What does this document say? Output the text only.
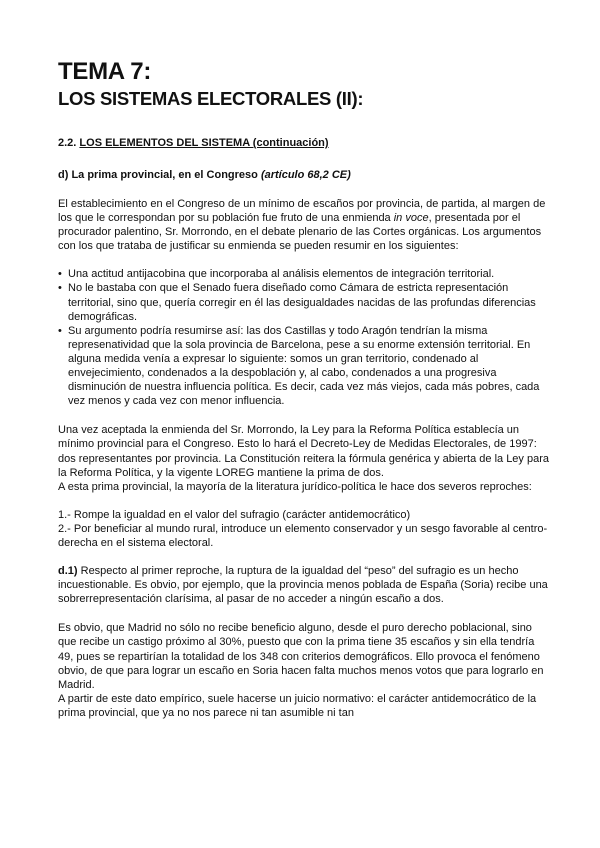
TEMA 7:
LOS SISTEMAS ELECTORALES (II):
2.2. LOS ELEMENTOS DEL SISTEMA (continuación)
d) La prima provincial, en el Congreso (artículo 68,2 CE)

El establecimiento en el Congreso de un mínimo de escaños por provincia, de partida, al margen de los que le correspondan por su población fue fruto de una enmienda in voce, presentada por el procurador palentino, Sr. Morrondo, en el debate plenario de las Cortes orgánicas. Los argumentos con los que trataba de justificar su enmienda se pueden resumir en los siguientes:

• Una actitud antijacobina que incorporaba al análisis elementos de integración territorial.
• No le bastaba con que el Senado fuera diseñado como Cámara de estricta representación territorial, sino que, quería corregir en él las desigualdades nacidas de las profundas diferencias demográficas.
• Su argumento podría resumirse así: las dos Castillas y todo Aragón tendrían la misma represenatividad que la sola provincia de Barcelona, pese a su enorme extensión territorial. En alguna medida venía a expresar lo siguiente: somos un gran territorio, condenado al envejecimiento, condenados a la despoblación y, al cabo, condenados a una progresiva disminución de nuestra influencia política. Es decir, cada vez más viejos, cada más pobres, cada vez menos y cada vez con menor influencia.

Una vez aceptada la enmienda del Sr. Morrondo, la Ley para la Reforma Política establecía un mínimo provincial para el Congreso. Esto lo hará el Decreto-Ley de Medidas Electorales, de 1997: dos representantes por provincia. La Constitución reitera la fórmula genérica y abierta de la Ley para la Reforma Política, y la vigente LOREG mantiene la prima de dos.

A esta prima provincial, la mayoría de la literatura jurídico-política le hace dos severos reproches:

1.- Rompe la igualdad en el valor del sufragio (carácter antidemocrático)

2.- Por beneficiar al mundo rural, introduce un elemento conservador y un sesgo favorable al centro-derecha en el sistema electoral.

d.1) Respecto al primer reproche, la ruptura de la igualdad del “peso” del sufragio es un hecho incuestionable. Es obvio, por ejemplo, que la provincia menos poblada de España (Soria) recibe una sobrerrepresentación clarísima, al pasar de no acceder a ningún escaño a dos.

Es obvio, que Madrid no sólo no recibe beneficio alguno, desde el puro derecho poblacional, sino que recibe un castigo próximo al 30%, puesto que con la prima tiene 35 escaños y sin ella tendría 49, pues se repartirían la totalidad de los 348 con criterios demográficos. Ello provoca el fenómeno obvio, de que para lograr un escaño en Soria hacen falta muchos menos votos que para lograrlo en Madrid.

A partir de este dato empírico, suele hacerse un juicio normativo: el carácter antidemocrático de la prima provincial, que ya no nos parece ni tan asumible ni tan
